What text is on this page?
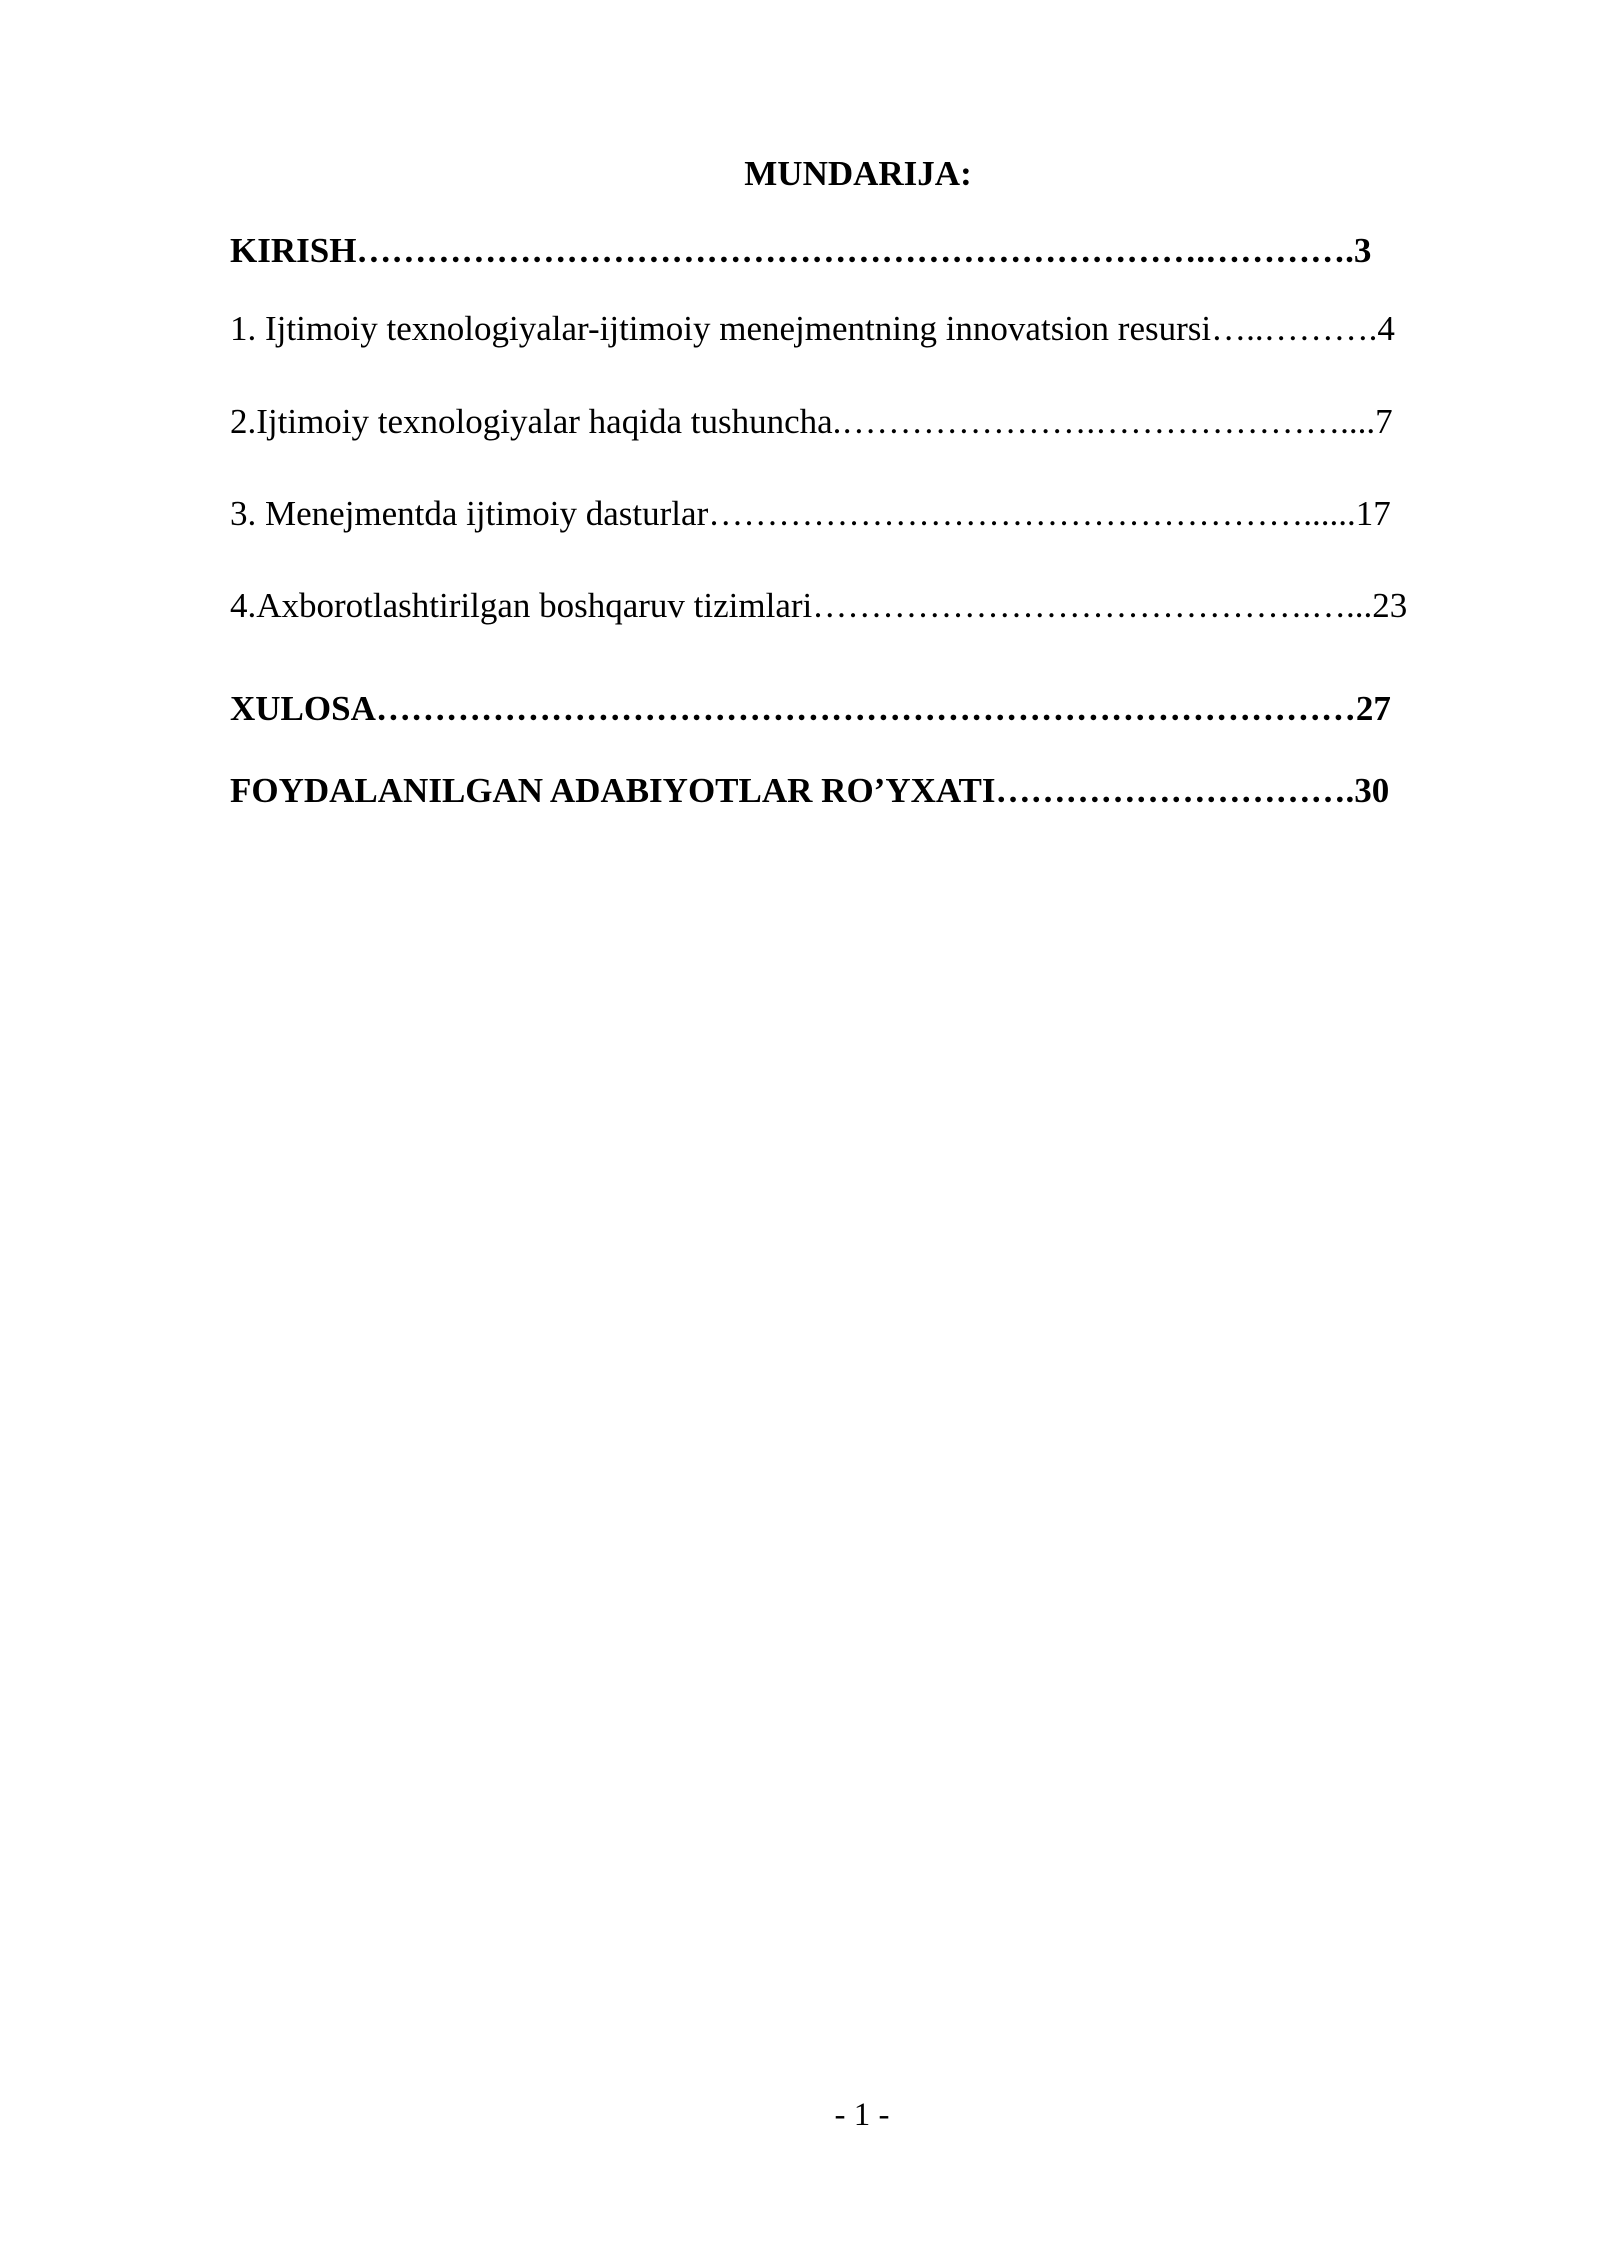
MUNDARIJA:
KIRISH……………………………………………………………….………….3
1. Ijtimoiy texnologiyalar-ijtimoiy menejmentning innovatsion resursi…..……….4
2.Ijtimoiy texnologiyalar haqida tushuncha.………………….…………………....7
3. Menejmentda ijtimoiy dasturlar……………………………………………......17
4.Axborotlashtirilgan boshqaruv tizimlari…………………………………….…...23
XULOSA…………………………………………………………………………27
FOYDALANILGAN ADABIYOTLAR RO’YXATI………………………….30
- 1 -
